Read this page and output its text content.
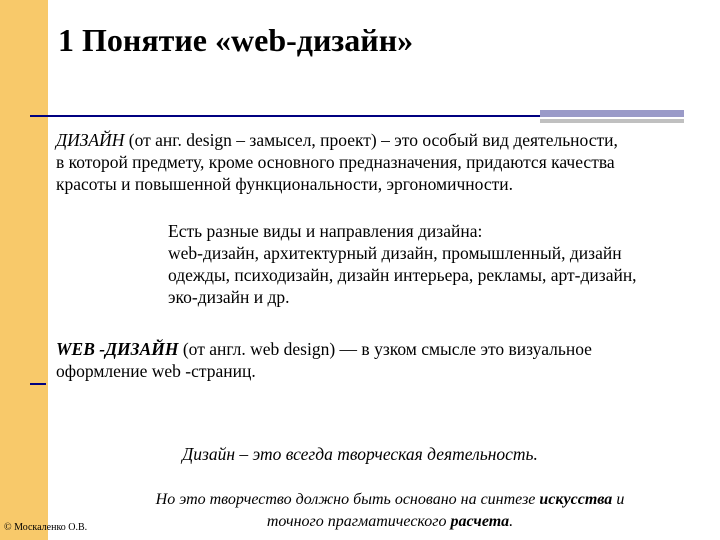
1 Понятие «web-дизайн»
ДИЗАЙН (от анг. design – замысел, проект) – это особый вид деятельности,
в которой предмету, кроме основного предназначения, придаются качества
красоты и повышенной функциональности, эргономичности.
Есть разные виды и направления дизайна:
web-дизайн, архитектурный дизайн, промышленный, дизайн
одежды, психодизайн, дизайн интерьера, рекламы, арт-дизайн,
эко-дизайн и др.
WEB -ДИЗАЙН (от англ. web design) — в узком смысле это визуальное
оформление web -страниц.
Дизайн – это всегда творческая деятельность.
Но это творчество должно быть основано на синтезе искусства и
точного прагматического расчета.
© Москаленко О.В.
